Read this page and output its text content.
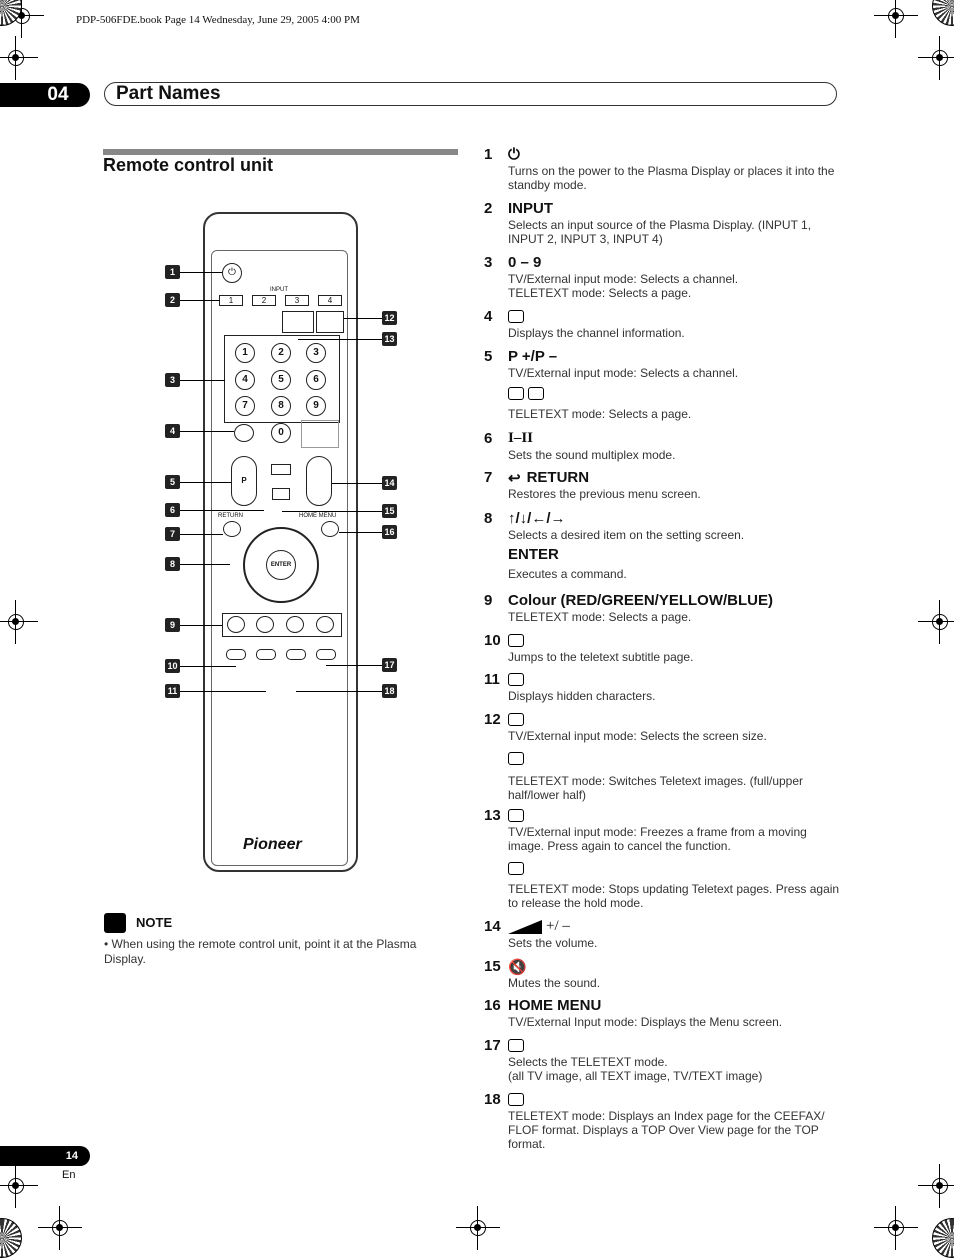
PDP-506FDE.book Page 14 Wednesday, June 29, 2005 4:00 PM
04	Part Names
Remote control unit
⏻
INPUT
1	2	3	4
1	2	3
4	5	6
7	8	9
0
P
RETURN	HOME MENU
ENTER
Pioneer
1
2
3
4
5
6
7
8
9
10
11
12
13
14
15
16
17
18
NOTE
• When using the remote control unit, point it at the Plasma Display.
1	⏻
Turns on the power to the Plasma Display or places it into the standby mode.
2	INPUT
Selects an input source of the Plasma Display. (INPUT 1, INPUT 2, INPUT 3, INPUT 4)
3	0 – 9
TV/External input mode: Selects a channel.
TELETEXT mode: Selects a page.
4
Displays the channel information.
5	P +/P –
TV/External input mode: Selects a channel.
TELETEXT mode: Selects a page.
6	I–II
Sets the sound multiplex mode.
7	↩ RETURN
Restores the previous menu screen.
8	↑/↓/←/→
Selects a desired item on the setting screen.
ENTER
Executes a command.
9	Colour (RED/GREEN/YELLOW/BLUE)
TELETEXT mode: Selects a page.
10
Jumps to the teletext subtitle page.
11
Displays hidden characters.
12
TV/External input mode: Selects the screen size.
TELETEXT mode: Switches Teletext images. (full/upper half/lower half)
13
TV/External input mode: Freezes a frame from a moving image. Press again to cancel the function.
TELETEXT mode: Stops updating Teletext pages. Press again to release the hold mode.
14	+/ –
Sets the volume.
15 🔇
Mutes the sound.
16 HOME MENU
TV/External Input mode: Displays the Menu screen.
17
Selects the TELETEXT mode.
(all TV image, all TEXT image, TV/TEXT image)
18
TELETEXT mode: Displays an Index page for the CEEFAX/ FLOF format. Displays a TOP Over View page for the TOP format.
14
En
